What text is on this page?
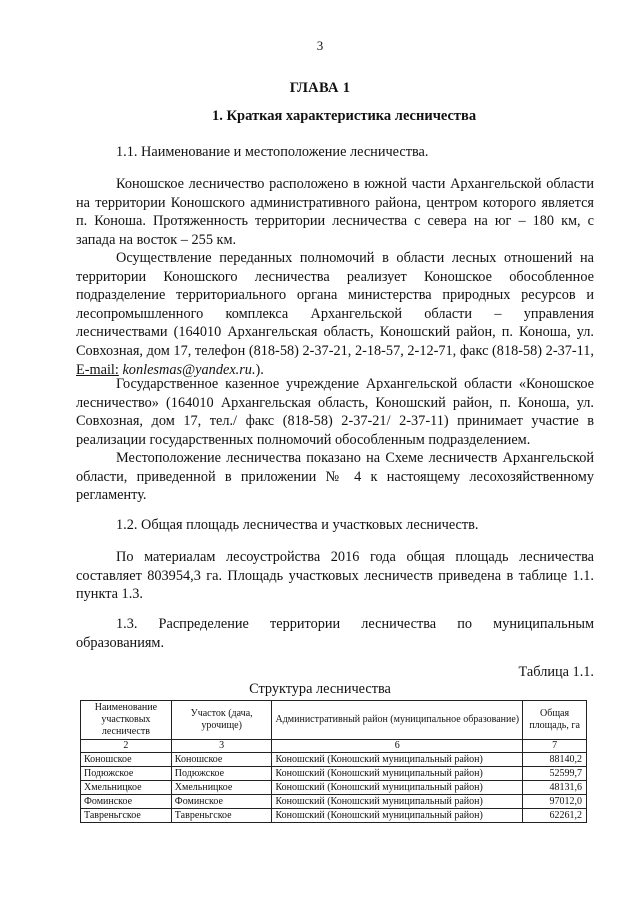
3
ГЛАВА 1
1. Краткая характеристика лесничества

1.1. Наименование и местоположение лесничества.

Коношское лесничество расположено в южной части Архангельской области на территории Коношского административного района, центром которого является п. Коноша. Протяженность территории лесничества с севера на юг – 180 км, с запада на восток – 255 км.

Осуществление переданных полномочий в области лесных отношений на территории Коношского лесничества реализует Коношское обособленное подразделение территориального органа министерства природных ресурсов и лесопромышленного комплекса Архангельской области – управления лесничествами (164010 Архангельская область, Коношский район, п. Коноша, ул. Совхозная, дом 17, телефон (818-58) 2-37-21, 2-18-57, 2-12-71, факс (818-58) 2-37-11, E-mail: konlesmas@yandex.ru.).

Государственное казенное учреждение Архангельской области «Коношское лесничество» (164010 Архангельская область, Коношский район, п. Коноша, ул. Совхозная, дом 17, тел./ факс (818-58) 2-37-21/ 2-37-11) принимает участие в реализации государственных полномочий обособленным подразделением.

Местоположение лесничества показано на Схеме лесничеств Архангельской области, приведенной в приложении № 4 к настоящему лесохозяйственному регламенту.

1.2. Общая площадь лесничества и участковых лесничеств.

По материалам лесоустройства 2016 года общая площадь лесничества составляет 803954,3 га. Площадь участковых лесничеств приведена в таблице 1.1. пункта 1.3.

1.3. Распределение территории лесничества по муниципальным образованиям.

Таблица 1.1.
Структура лесничества
Наименование участковых лесничеств	Участок (дача, урочище)	Административный район (муниципальное образование)	Общая площадь, га
2	3	6	7
Коношское	Коношское	Коношский (Коношский муниципальный район)	88140,2
Подюжское	Подюжское	Коношский (Коношский муниципальный район)	52599,7
Хмельницкое	Хмельницкое	Коношский (Коношский муниципальный район)	48131,6
Фоминское	Фоминское	Коношский (Коношский муниципальный район)	97012,0
Тавреньгское	Тавреньгское	Коношский (Коношский муниципальный район)	62261,2
